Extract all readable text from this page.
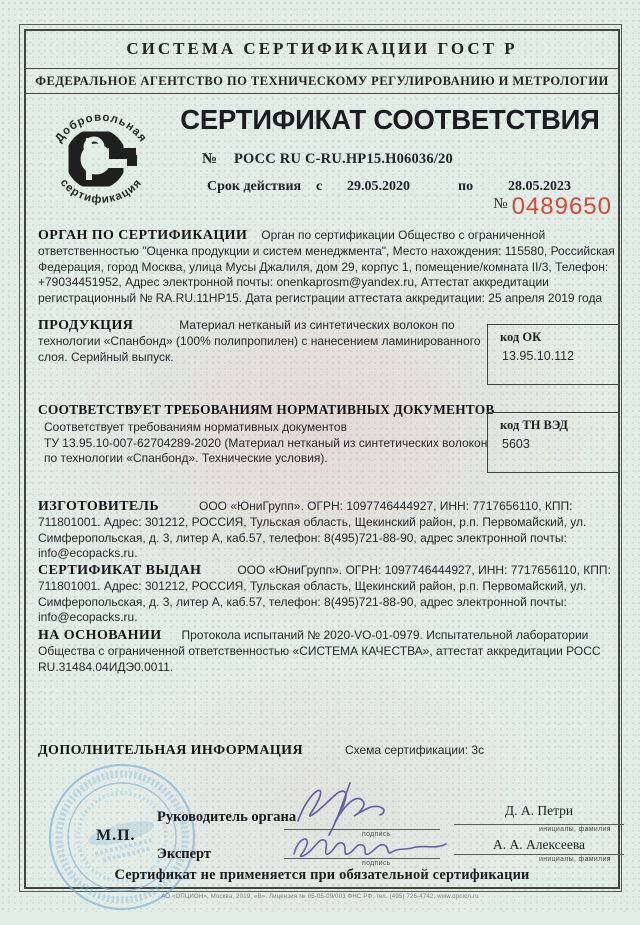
СИСТЕМА СЕРТИФИКАЦИИ ГОСТ Р
ФЕДЕРАЛЬНОЕ АГЕНТСТВО ПО ТЕХНИЧЕСКОМУ РЕГУЛИРОВАНИЮ И МЕТРОЛОГИИ
Добровольная
сертификация
СЕРТИФИКАТ СООТВЕТСТВИЯ
№ РОСС RU C-RU.НР15.Н06036/20
Срок действия с 29.05.2020	по 28.05.2023
№ 0489650
ОРГАН ПО СЕРТИФИКАЦИИ Орган по сертификации Общество с ограниченной ответственностью "Оценка продукции и систем менеджмента", Место нахождения: 115580, Российская Федерация, город Москва, улица Мусы Джалиля, дом 29, корпус 1, помещение/комната II/3, Телефон: +79034451952, Адрес электронной почты: onenkaprosm@yandex.ru, Аттестат аккредитации регистрационный № RA.RU.11НР15. Дата регистрации аттестата аккредитации: 25 апреля 2019 года
ПРОДУКЦИЯ	Материал нетканый из синтетических волокон по технологии «Спанбонд» (100% полипропилен) с нанесением ламинированного слоя. Серийный выпуск.
код ОК
13.95.10.112
СООТВЕТСТВУЕТ ТРЕБОВАНИЯМ НОРМАТИВНЫХ ДОКУМЕНТОВ
Соответствует требованиям нормативных документов
ТУ 13.95.10-007-62704289-2020 (Материал нетканый из синтетических волокон
по технологии «Спанбонд». Технические условия).
код ТН ВЭД
5603
ИЗГОТОВИТЕЛЬ	ООО «ЮниГрупп». ОГРН: 1097746444927, ИНН: 7717656110, КПП: 711801001. Адрес: 301212, РОССИЯ, Тульская область, Щекинский район, р.п. Первомайский, ул. Симферопольская, д. 3, литер А, каб.57, телефон: 8(495)721-88-90, адрес электронной почты: info@ecopacks.ru.
СЕРТИФИКАТ ВЫДАН	ООО «ЮниГрупп». ОГРН: 1097746444927, ИНН: 7717656110, КПП: 711801001. Адрес: 301212, РОССИЯ, Тульская область, Щекинский район, р.п. Первомайский, ул. Симферопольская, д. 3, литер А, каб.57, телефон: 8(495)721-88-90, адрес электронной почты: info@ecopacks.ru.
НА ОСНОВАНИИ Протокола испытаний № 2020-VO-01-0979. Испытательной лаборатории Общества с ограниченной ответственностью «СИСТЕМА КАЧЕСТВА», аттестат аккредитации РОСС RU.31484.04ИДЭ0.0011.
ДОПОЛНИТЕЛЬНАЯ ИНФОРМАЦИЯ	Схема сертификации: 3с
М.П.
Руководитель органа
Эксперт
подпись
подпись
Д. А. Петри
А. А. Алексеева
инициалы, фамилия
инициалы, фамилия
Сертификат не применяется при обязательной сертификации
АО «ОПЦИОН», Москва, 2019, «В». Лицензия № 05-05-09/003 ФНС РФ, тел. (495) 726-4742, www.opcion.ru
